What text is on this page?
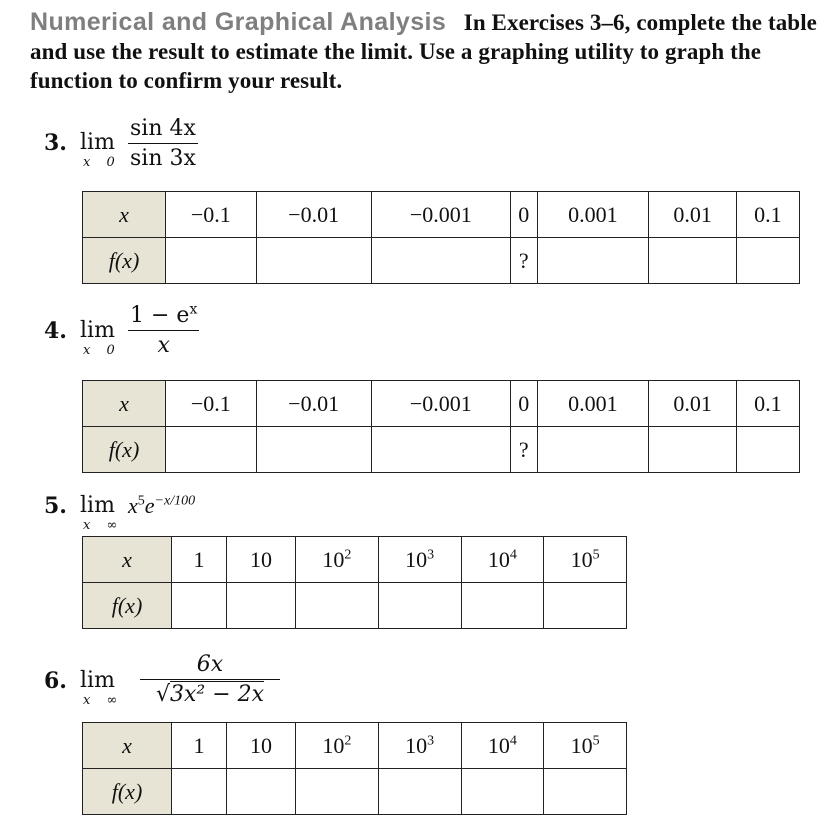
Numerical and Graphical Analysis In Exercises 3–6, complete the table and use the result to estimate the limit. Use a graphing utility to graph the function to confirm your result.
3. lim
x $0 \frac{\sin 4x}{\sin 3x}$
x	−0.1	−0.01	−0.001	0	0.001	0.01	0.1
f(x)				?			
4. lim
x $0 \frac{1 - e^x}{x}$
x	−0.1	−0.01	−0.001	0	0.001	0.01	0.1
f(x)				?			
5. lim
x ∞
$x^5e^{-x/100}$
x	1	10	$10^2$	$10^3$	$10^4$	$10^5$
f(x)						
6. lim
x ∞ $\frac{6x}{\text{√3x² − 2x}}$
x	1	10	$10^2$	$10^3$	$10^4$	$10^5$
f(x)						
